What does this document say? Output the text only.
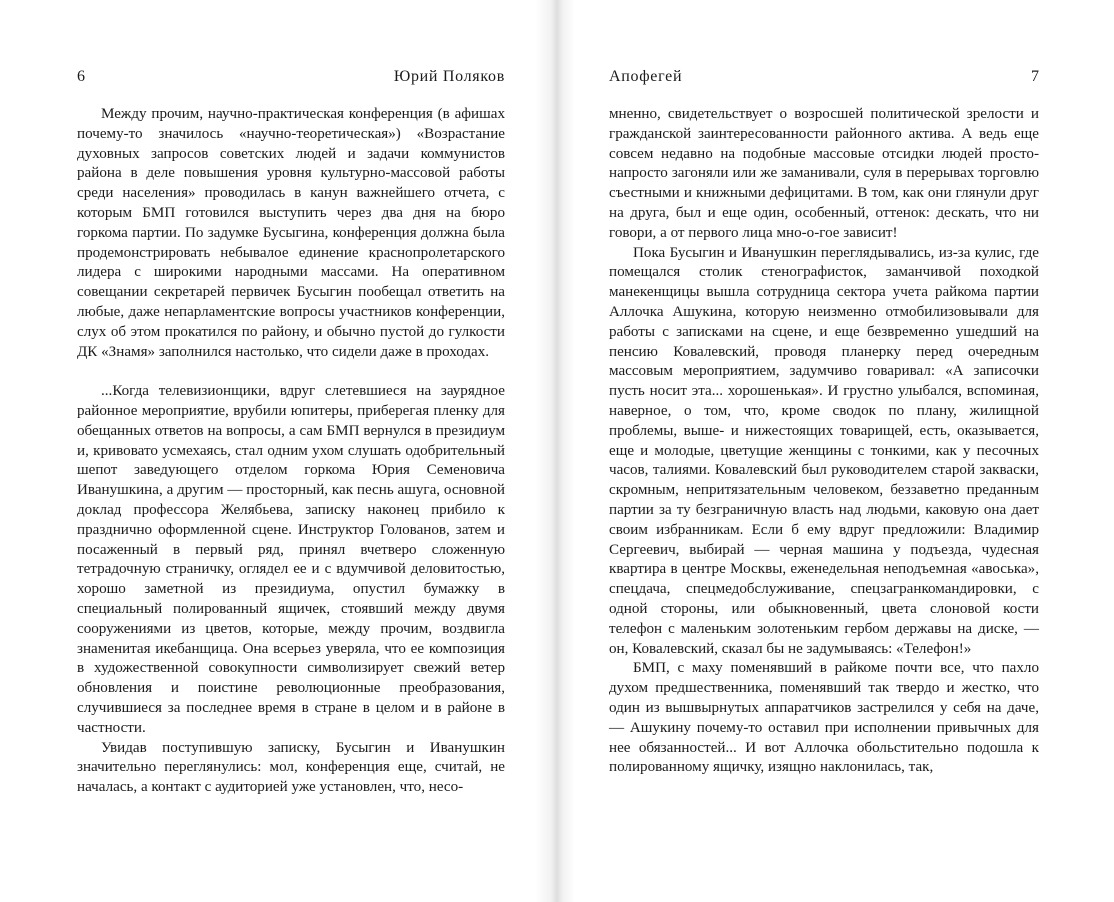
6	Юрий Поляков

Между прочим, научно-практическая конференция (в афишах почему-то значилось «научно-теоретическая») «Возрастание духовных запросов советских людей и задачи коммунистов района в деле повышения уровня культурно-массовой работы среди населения» проводилась в канун важнейшего отчета, с которым БМП готовился выступить через два дня на бюро горкома партии. По задумке Бусыгина, конференция должна была продемонстрировать небывалое единение краснопролетарского лидера с широкими народными массами. На оперативном совещании секретарей первичек Бусыгин пообещал ответить на любые, даже непарламентские вопросы участников конференции, слух об этом прокатился по району, и обычно пустой до гулкости ДК «Знамя» заполнился настолько, что сидели даже в проходах.

...Когда телевизионщики, вдруг слетевшиеся на заурядное районное мероприятие, врубили юпитеры, приберегая пленку для обещанных ответов на вопросы, а сам БМП вернулся в президиум и, кривовато усмехаясь, стал одним ухом слушать одобрительный шепот заведующего отделом горкома Юрия Семеновича Иванушкина, а другим — просторный, как песнь ашуга, основной доклад профессора Желябьева, записку наконец прибило к празднично оформленной сцене. Инструктор Голованов, затем и посаженный в первый ряд, принял вчетверо сложенную тетрадочную страничку, оглядел ее и с вдумчивой деловитостью, хорошо заметной из президиума, опустил бумажку в специальный полированный ящичек, стоявший между двумя сооружениями из цветов, которые, между прочим, воздвигла знаменитая икебанщица. Она всерьез уверяла, что ее композиция в художественной совокупности символизирует свежий ветер обновления и поистине революционные преобразования, случившиеся за последнее время в стране в целом и в районе в частности.

Увидав поступившую записку, Бусыгин и Иванушкин значительно переглянулись: мол, конференция еще, считай, не началась, а контакт с аудиторией уже установлен, что, несо-

Апофегей	7

мненно, свидетельствует о возросшей политической зрелости и гражданской заинтересованности районного актива. А ведь еще совсем недавно на подобные массовые отсидки людей просто-напросто загоняли или же заманивали, суля в перерывах торговлю съестными и книжными дефицитами. В том, как они глянули друг на друга, был и еще один, особенный, оттенок: дескать, что ни говори, а от первого лица мно-о-гое зависит!

Пока Бусыгин и Иванушкин переглядывались, из-за кулис, где помещался столик стенографисток, заманчивой походкой манекенщицы вышла сотрудница сектора учета райкома партии Аллочка Ашукина, которую неизменно отмобилизовывали для работы с записками на сцене, и еще безвременно ушедший на пенсию Ковалевский, проводя планерку перед очередным массовым мероприятием, задумчиво говаривал: «А записочки пусть носит эта... хорошенькая». И грустно улыбался, вспоминая, наверное, о том, что, кроме сводок по плану, жилищной проблемы, выше- и нижестоящих товарищей, есть, оказывается, еще и молодые, цветущие женщины с тонкими, как у песочных часов, талиями. Ковалевский был руководителем старой закваски, скромным, непритязательным человеком, беззаветно преданным партии за ту безграничную власть над людьми, каковую она дает своим избранникам. Если б ему вдруг предложили: Владимир Сергеевич, выбирай — черная машина у подъезда, чудесная квартира в центре Москвы, еженедельная неподъемная «авоська», спецдача, спецмедобслуживание, спецзагранкомандировки, с одной стороны, или обыкновенный, цвета слоновой кости телефон с маленьким золотеньким гербом державы на диске, — он, Ковалевский, сказал бы не задумываясь: «Телефон!»

БМП, с маху поменявший в райкоме почти все, что пахло духом предшественника, поменявший так твердо и жестко, что один из вышвырнутых аппаратчиков застрелился у себя на даче, — Ашукину почему-то оставил при исполнении привычных для нее обязанностей... И вот Аллочка обольстительно подошла к полированному ящичку, изящно наклонилась, так,
